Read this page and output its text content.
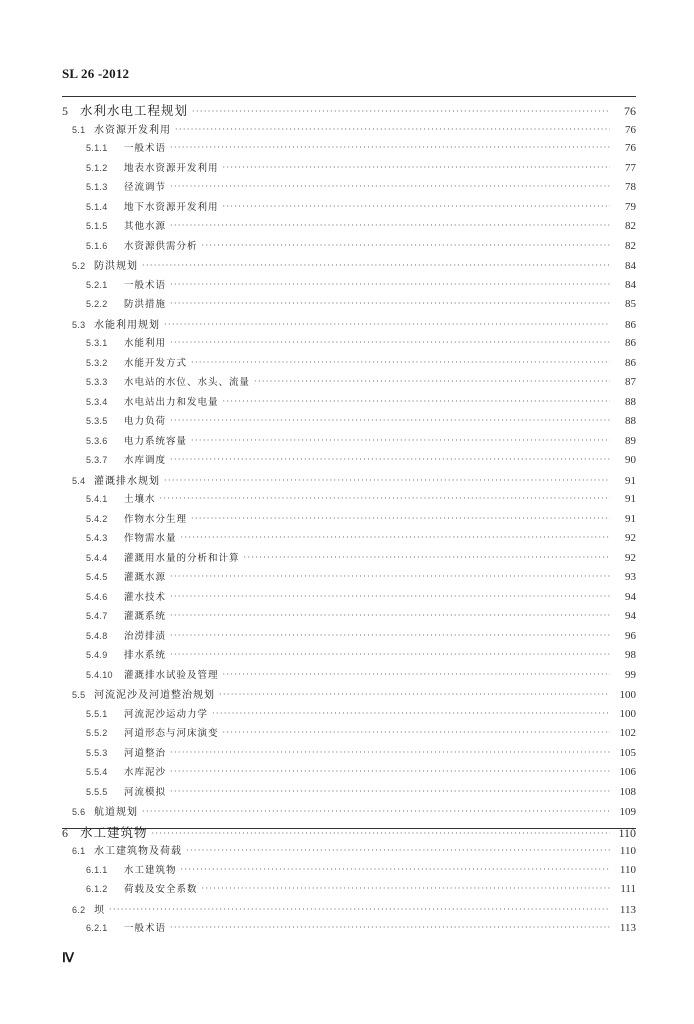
SL 26 -2012
5 水利水电工程规划 ·····	76
5.1 水资源开发利用 ·····	76
5.1.1	一般术语 ·····	76
5.1.2	地表水资源开发利用 ·····	77
5.1.3	径流调节 ·····	78
5.1.4	地下水资源开发利用 ·····	79
5.1.5	其他水源 ·····	82
5.1.6	水资源供需分析 ·····	82
5.2 防洪规划 ·····	84
5.2.1	一般术语 ·····	84
5.2.2	防洪措施 ·····	85
5.3 水能利用规划 ·····	86
5.3.1	水能利用 ·····	86
5.3.2	水能开发方式 ·····	86
5.3.3	水电站的水位、水头、流量 ·····	87
5.3.4	水电站出力和发电量 ·····	88
5.3.5	电力负荷 ·····	88
5.3.6	电力系统容量 ·····	89
5.3.7	水库调度 ·····	90
5.4 灌溉排水规划 ·····	91
5.4.1	土壤水 ·····	91
5.4.2	作物水分生理 ·····	91
5.4.3	作物需水量 ·····	92
5.4.4	灌溉用水量的分析和计算 ·····	92
5.4.5	灌溉水源 ·····	93
5.4.6	灌水技术 ·····	94
5.4.7	灌溉系统 ·····	94
5.4.8	治涝排渍 ·····	96
5.4.9	排水系统 ·····	98
5.4.10	灌溉排水试验及管理 ·····	99
5.5 河流泥沙及河道整治规划 ·····	100
5.5.1	河流泥沙运动力学 ·····	100
5.5.2	河道形态与河床演变 ·····	102
5.5.3	河道整治 ·····	105
5.5.4	水库泥沙 ·····	106
5.5.5	河流模拟 ·····	108
5.6 航道规划 ·····	109
6 水工建筑物 ·····	110
6.1 水工建筑物及荷载 ·····	110
6.1.1	水工建筑物 ·····	110
6.1.2	荷载及安全系数 ·····	111
6.2 坝 ·····	113
6.2.1	一般术语 ·····	113
Ⅳ
